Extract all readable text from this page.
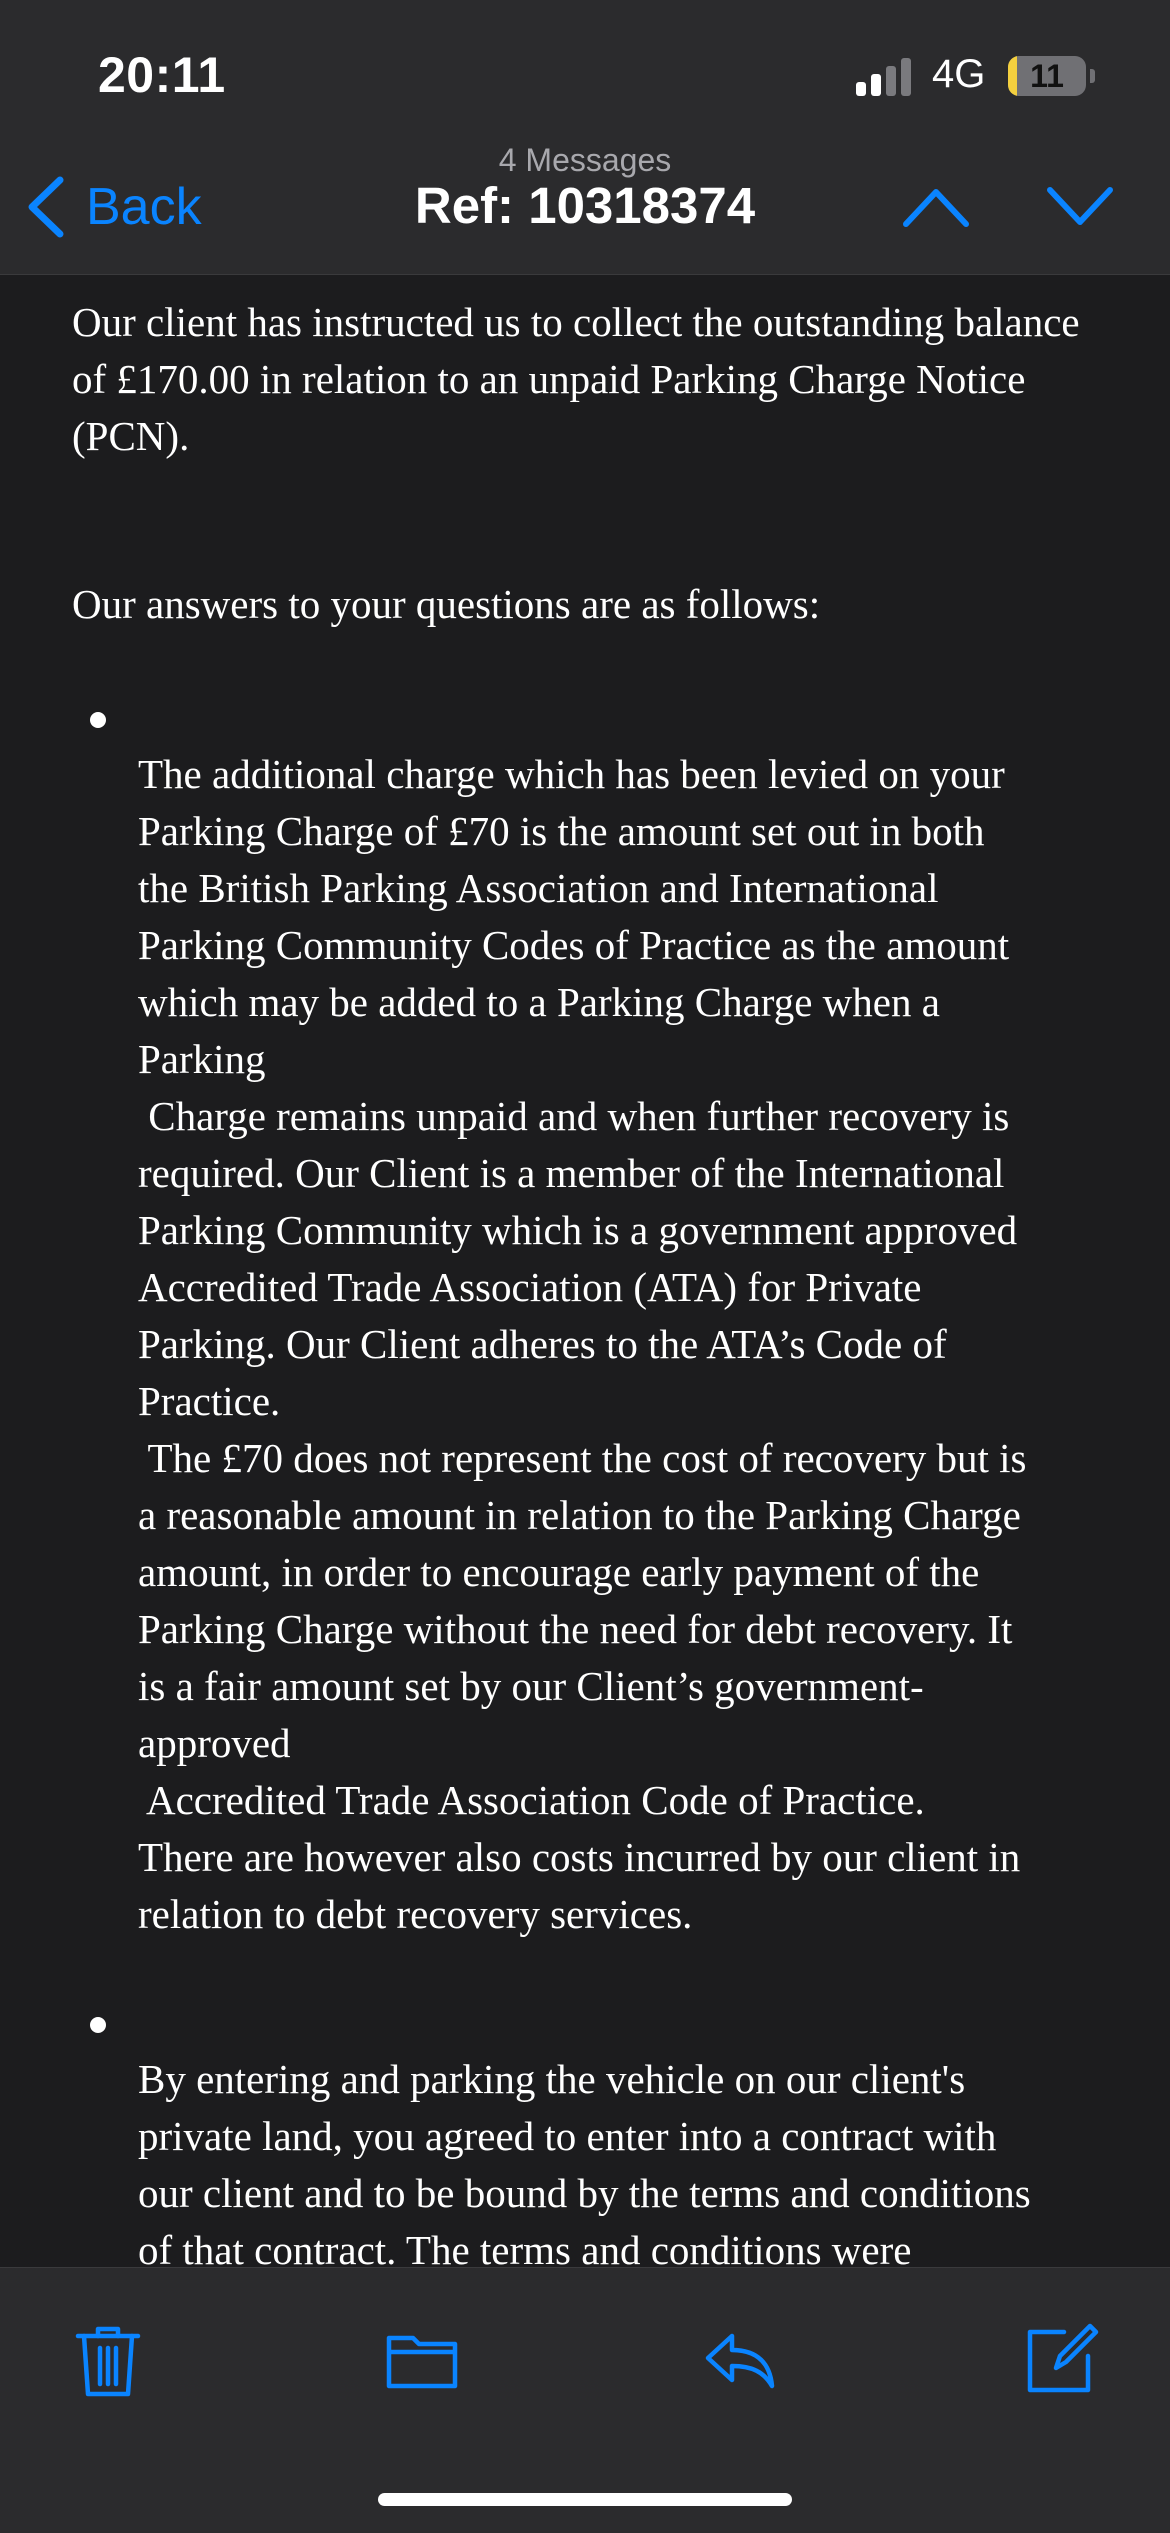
20:11	4G	11
Back
4 Messages
Ref: 10318374

Our client has instructed us to collect the outstanding balance of £170.00 in relation to an unpaid Parking Charge Notice (PCN).

Our answers to your questions are as follows:

The additional charge which has been levied on your
Parking Charge of £70 is the amount set out in both
the British Parking Association and International
Parking Community Codes of Practice as the amount
which may be added to a Parking Charge when a
Parking
Charge remains unpaid and when further recovery is
required. Our Client is a member of the International
Parking Community which is a government approved
Accredited Trade Association (ATA) for Private
Parking. Our Client adheres to the ATA’s Code of
Practice.
The £70 does not represent the cost of recovery but is
a reasonable amount in relation to the Parking Charge
amount, in order to encourage early payment of the
Parking Charge without the need for debt recovery. It
is a fair amount set by our Client’s government-
approved
Accredited Trade Association Code of Practice.
There are however also costs incurred by our client in
relation to debt recovery services.

By entering and parking the vehicle on our client's
private land, you agreed to enter into a contract with
our client and to be bound by the terms and conditions
of that contract. The terms and conditions were
